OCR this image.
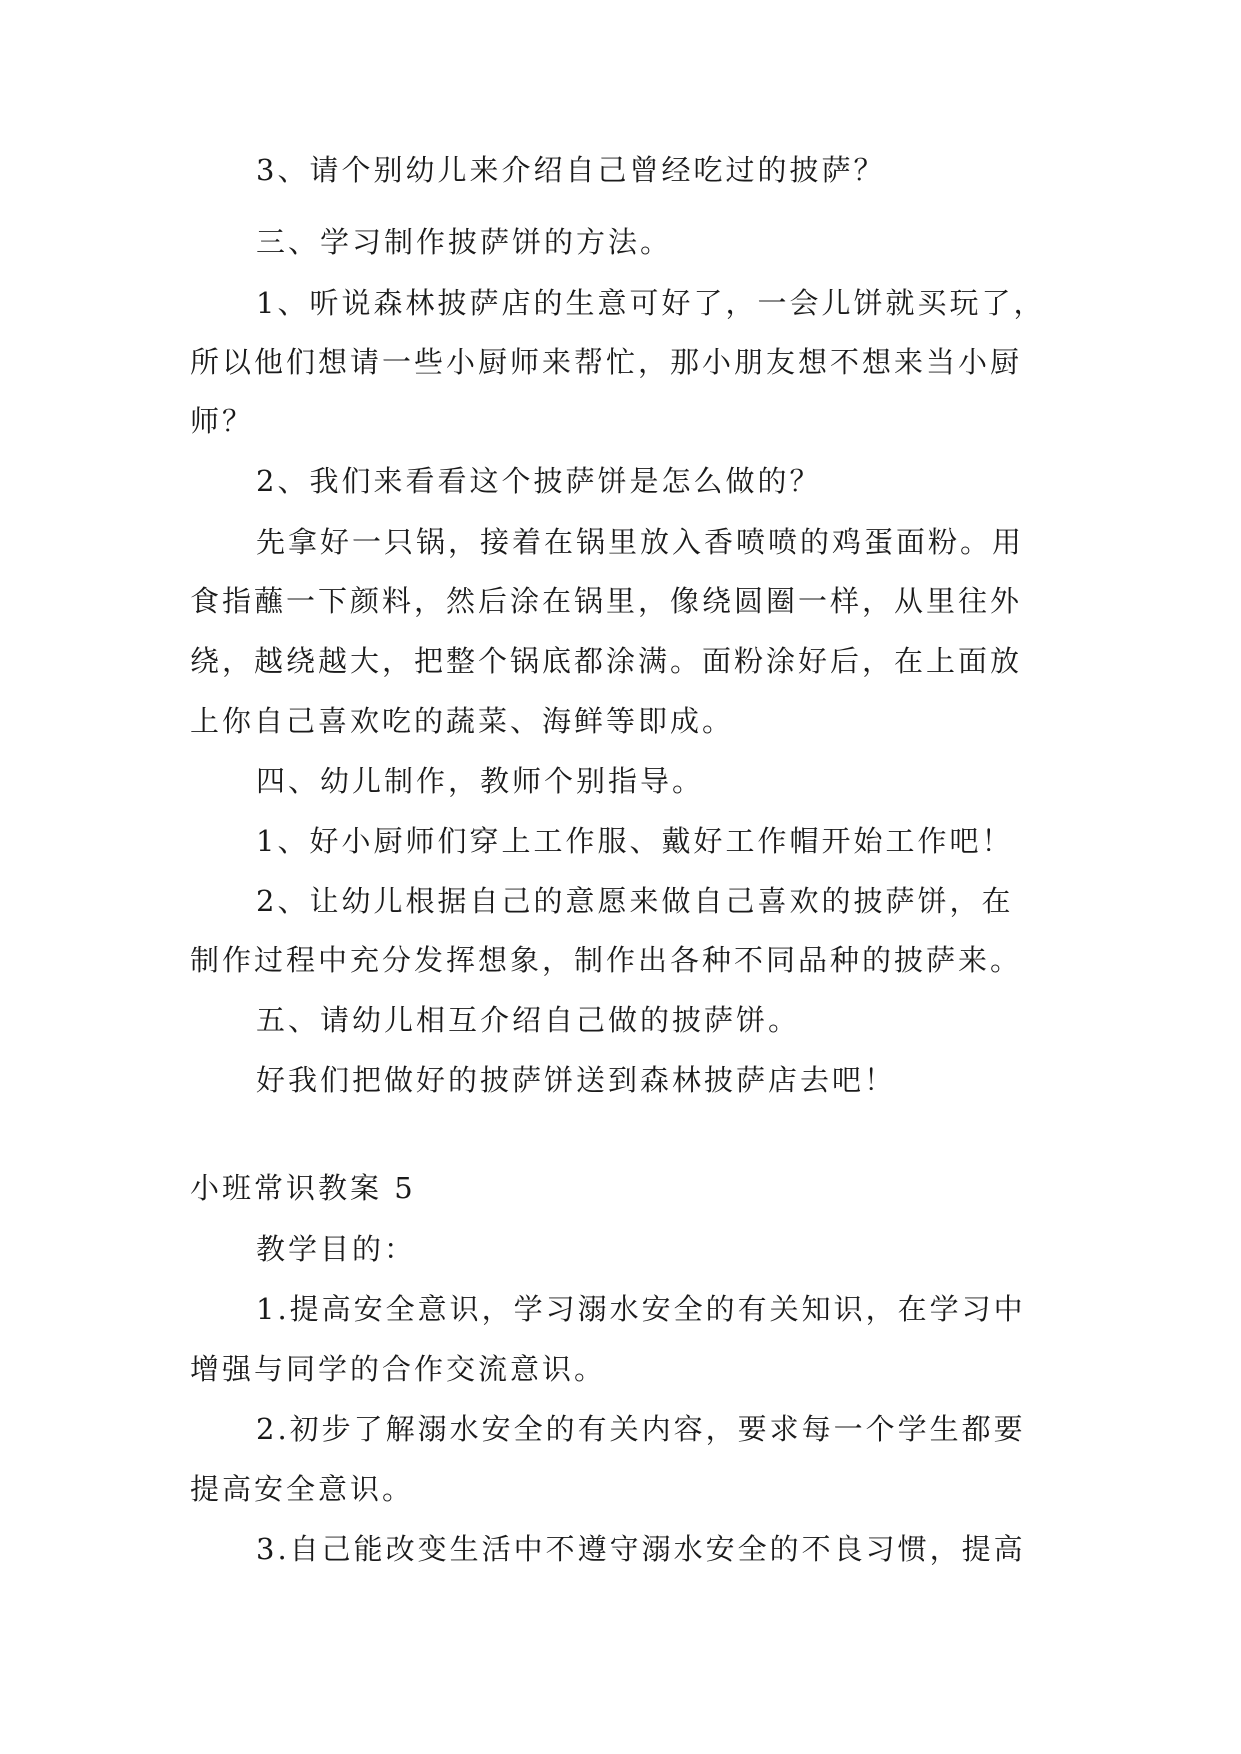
3、请个别幼儿来介绍自己曾经吃过的披萨？
三、学习制作披萨饼的方法。
1、听说森林披萨店的生意可好了，一会儿饼就买玩了，
所以他们想请一些小厨师来帮忙，那小朋友想不想来当小厨
师？
2、我们来看看这个披萨饼是怎么做的？
先拿好一只锅，接着在锅里放入香喷喷的鸡蛋面粉。用
食指蘸一下颜料，然后涂在锅里，像绕圆圈一样，从里往外
绕，越绕越大，把整个锅底都涂满。面粉涂好后，在上面放
上你自己喜欢吃的蔬菜、海鲜等即成。
四、幼儿制作，教师个别指导。
1、好小厨师们穿上工作服、戴好工作帽开始工作吧！
2、让幼儿根据自己的意愿来做自己喜欢的披萨饼，在
制作过程中充分发挥想象，制作出各种不同品种的披萨来。
五、请幼儿相互介绍自己做的披萨饼。
好我们把做好的披萨饼送到森林披萨店去吧！
小班常识教案 5
教学目的：
1.提高安全意识，学习溺水安全的有关知识，在学习中
增强与同学的合作交流意识。
2.初步了解溺水安全的有关内容，要求每一个学生都要
提高安全意识。
3.自己能改变生活中不遵守溺水安全的不良习惯，提高
